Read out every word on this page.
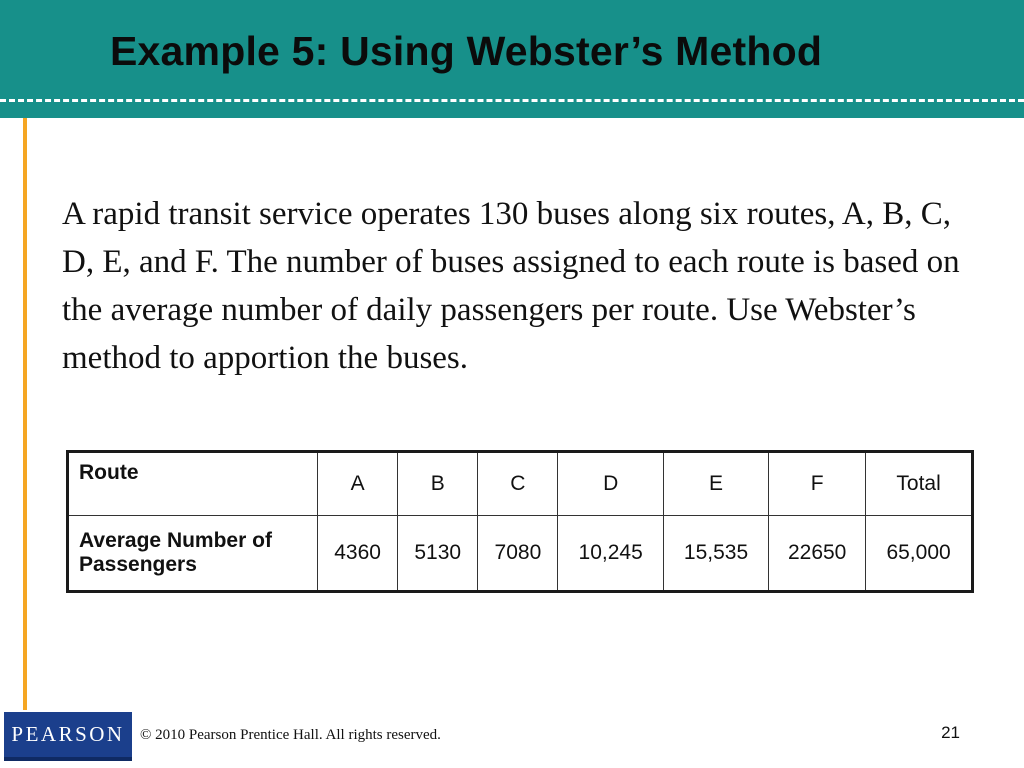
Example 5: Using Webster’s Method
A rapid transit service operates 130 buses along six routes, A, B, C, D, E, and F. The number of buses assigned to each route is based on the average number of daily passengers per route. Use Webster’s method to apportion the buses.
Route	A	B	C	D	E	F	Total
Average Number of Passengers	4360	5130	7080	10,245	15,535	22650	65,000
PEARSON	© 2010 Pearson Prentice Hall. All rights reserved.	21
